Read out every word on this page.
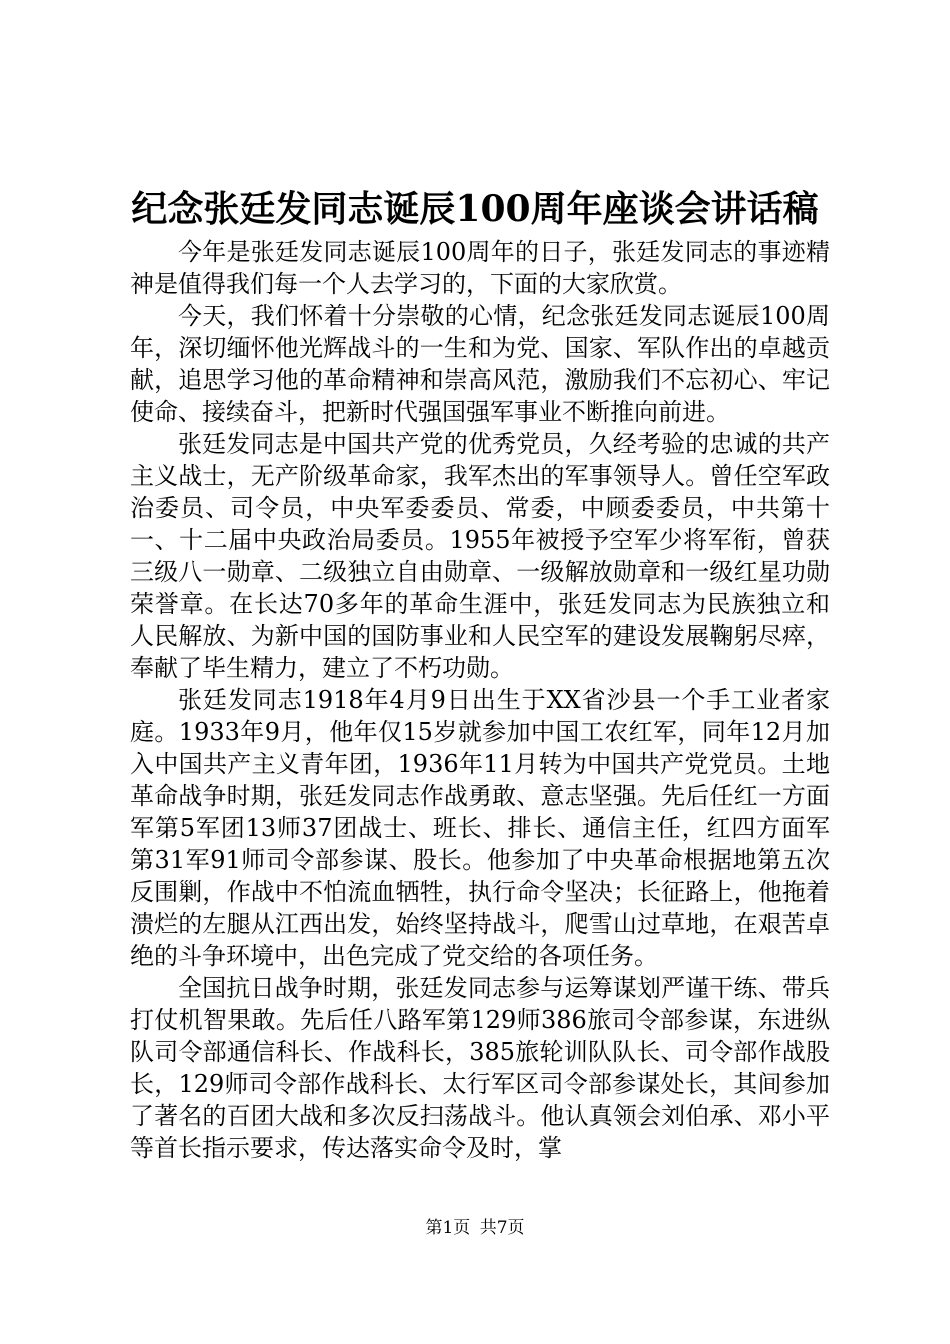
纪念张廷发同志诞辰100周年座谈会讲话稿

今年是张廷发同志诞辰100周年的日子，张廷发同志的事迹精神是值得我们每一个人去学习的，下面的大家欣赏。

今天，我们怀着十分崇敬的心情，纪念张廷发同志诞辰100周年，深切缅怀他光辉战斗的一生和为党、国家、军队作出的卓越贡献，追思学习他的革命精神和崇高风范，激励我们不忘初心、牢记使命、接续奋斗，把新时代强国强军事业不断推向前进。

张廷发同志是中国共产党的优秀党员，久经考验的忠诚的共产主义战士，无产阶级革命家，我军杰出的军事领导人。曾任空军政治委员、司令员，中央军委委员、常委，中顾委委员，中共第十一、十二届中央政治局委员。1955年被授予空军少将军衔，曾获三级八一勋章、二级独立自由勋章、一级解放勋章和一级红星功勋荣誉章。在长达70多年的革命生涯中，张廷发同志为民族独立和人民解放、为新中国的国防事业和人民空军的建设发展鞠躬尽瘁，奉献了毕生精力，建立了不朽功勋。

张廷发同志1918年4月9日出生于XX省沙县一个手工业者家庭。1933年9月，他年仅15岁就参加中国工农红军，同年12月加入中国共产主义青年团，1936年11月转为中国共产党党员。土地革命战争时期，张廷发同志作战勇敢、意志坚强。先后任红一方面军第5军团13师37团战士、班长、排长、通信主任，红四方面军第31军91师司令部参谋、股长。他参加了中央革命根据地第五次反围剿，作战中不怕流血牺牲，执行命令坚决；长征路上，他拖着溃烂的左腿从江西出发，始终坚持战斗，爬雪山过草地，在艰苦卓绝的斗争环境中，出色完成了党交给的各项任务。

全国抗日战争时期，张廷发同志参与运筹谋划严谨干练、带兵打仗机智果敢。先后任八路军第129师386旅司令部参谋，东进纵队司令部通信科长、作战科长，385旅轮训队队长、司令部作战股长，129师司令部作战科长、太行军区司令部参谋处长，其间参加了著名的百团大战和多次反扫荡战斗。他认真领会刘伯承、邓小平等首长指示要求，传达落实命令及时，掌

第1页 共7页
